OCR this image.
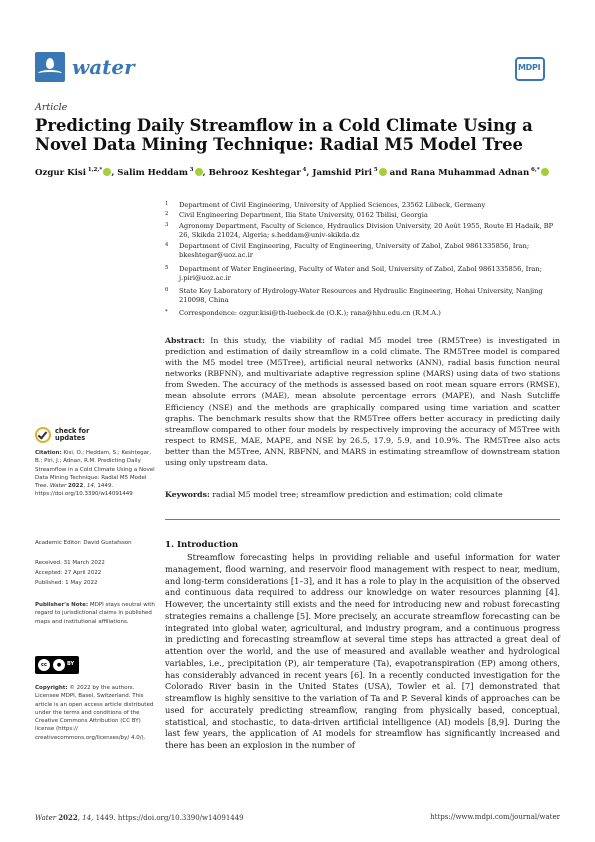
water	MDPI
Article
Predicting Daily Streamflow in a Cold Climate Using a Novel Data Mining Technique: Radial M5 Model Tree
Ozgur Kisi  $^{1,2,*}$ , Salim Heddam  $^3$ , Behrooz Keshtegar  $^4$, Jamshid Piri  $^5$ and Rana Muhammad Adnan  $^{6,*}$
1	Department of Civil Engineering, University of Applied Sciences, 23562 Lübeck, Germany
2	Civil Engineering Department, Ilia State University, 0162 Tbilisi, Georgia
3	Agronomy Department, Faculty of Science, Hydraulics Division University, 20 Août 1955, Route El Hadaik, BP 26, Skikda 21024, Algeria; s.heddam@univ-skikda.dz
4	Department of Civil Engineering, Faculty of Engineering, University of Zabol, Zabol 9861335856, Iran; bkeshtegar@uoz.ac.ir
5	Department of Water Engineering, Faculty of Water and Soil, University of Zabol, Zabol 9861335856, Iran; j.piri@uoz.ac.ir
6	State Key Laboratory of Hydrology-Water Resources and Hydraulic Engineering, Hohai University, Nanjing 210098, China
*	Correspondence: ozgur.kisi@th-luebeck.de (O.K.); rana@hhu.edu.cn (R.M.A.)
Abstract: In this study, the viability of radial M5 model tree (RM5Tree) is investigated in prediction and estimation of daily streamflow in a cold climate. The RM5Tree model is compared with the M5 model tree (M5Tree), artificial neural networks (ANN), radial basis function neural networks (RBFNN), and multivariate adaptive regression spline (MARS) using data of two stations from Sweden. The accuracy of the methods is assessed based on root mean square errors (RMSE), mean absolute errors (MAE), mean absolute percentage errors (MAPE), and Nash Sutcliffe Efficiency (NSE) and the methods are graphically compared using time variation and scatter graphs. The benchmark results show that the RM5Tree offers better accuracy in predicting daily streamflow compared to other four models by respectively improving the accuracy of M5Tree with respect to RMSE, MAE, MAPE, and NSE by 26.5, 17.9, 5.9, and 10.9%. The RM5Tree also acts better than the M5Tree, ANN, RBFNN, and MARS in estimating streamflow of downstream station using only upstream data.
Keywords: radial M5 model tree; streamflow prediction and estimation; cold climate
check for
updates
Citation: Kisi, O.; Heddam, S.; Keshtegar, B.; Piri, J.; Adnan, R.M. Predicting Daily Streamflow in a Cold Climate Using a Novel Data Mining Technique: Radial M5 Model Tree. Water 2022, 14, 1449. https://doi.org/10.3390/w14091449
Academic Editor: David Gustafsson
Received: 31 March 2022
Accepted: 27 April 2022
Published: 1 May 2022
Publisher's Note: MDPI stays neutral with regard to jurisdictional claims in published maps and institutional affiliations.
cc	●	BY
Copyright: © 2022 by the authors. Licensee MDPI, Basel, Switzerland. This article is an open access article distributed under the terms and conditions of the Creative Commons Attribution (CC BY) license (https:// creativecommons.org/licenses/by/ 4.0/).
1. Introduction
Streamflow forecasting helps in providing reliable and useful information for water management, flood warning, and reservoir flood management with respect to near, medium, and long-term considerations [1–3], and it has a role to play in the acquisition of the observed and continuous data required to address our knowledge on water resources planning [4]. However, the uncertainty still exists and the need for introducing new and robust forecasting strategies remains a challenge [5]. More precisely, an accurate streamflow forecasting can be integrated into global water, agricultural, and industry program, and a continuous progress in predicting and forecasting streamflow at several time steps has attracted a great deal of attention over the world, and the use of measured and available weather and hydrological variables, i.e., precipitation (P), air temperature (Ta), evapotranspiration (EP) among others, has considerably advanced in recent years [6]. In a recently conducted investigation for the Colorado River basin in the United States (USA), Towler et al. [7] demonstrated that streamflow is highly sensitive to the variation of Ta and P. Several kinds of approaches can be used for accurately predicting streamflow, ranging from physically based, conceptual, statistical, and stochastic, to data-driven artificial intelligence (AI) models [8,9]. During the last few years, the application of AI models for streamflow has significantly increased and there has been an explosion in the number of
Water 2022, 14, 1449. https://doi.org/10.3390/w14091449	https://www.mdpi.com/journal/water
